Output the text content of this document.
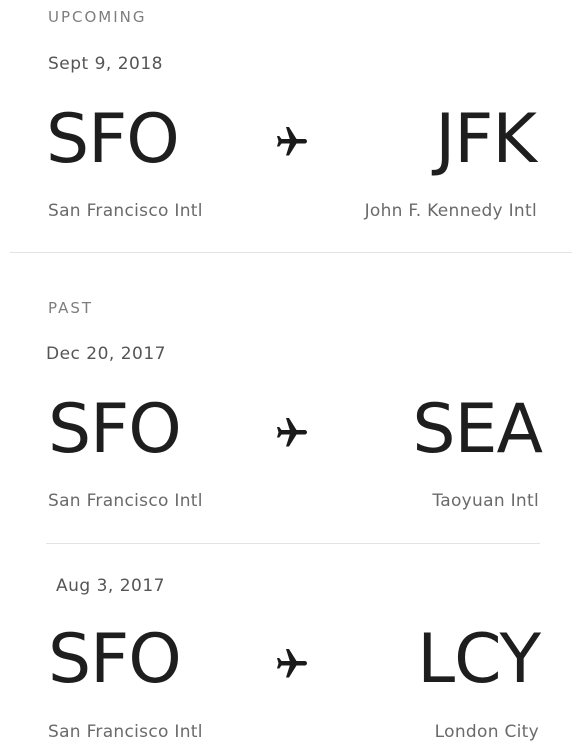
UPCOMING
Sept 9, 2018
SFO	JFK
San Francisco Intl	John F. Kennedy Intl
PAST
Dec 20, 2017
SFO	SEA
San Francisco Intl	Taoyuan Intl
Aug 3, 2017
SFO	LCY
San Francisco Intl	London City
